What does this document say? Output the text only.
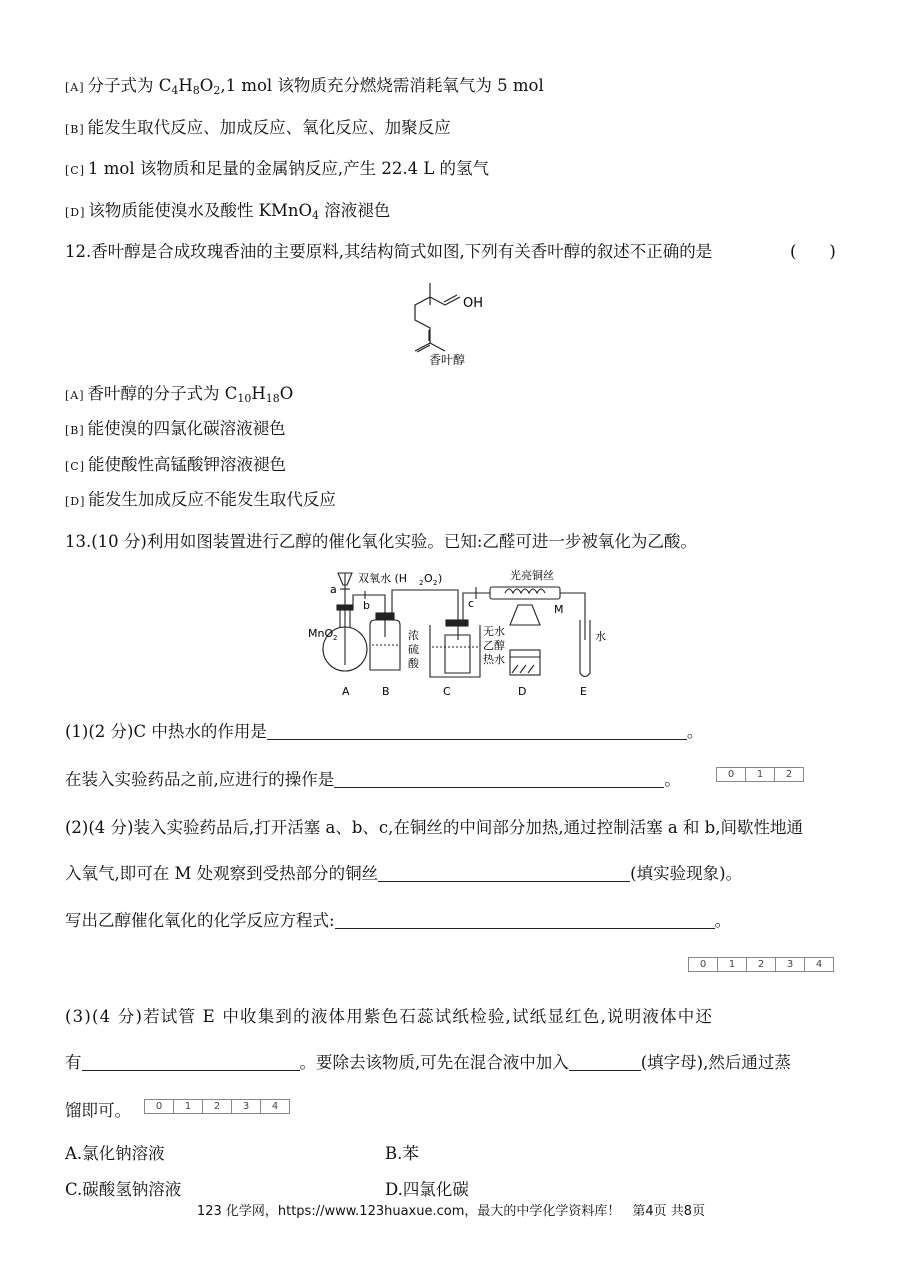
[A] 分子式为 $C_4H_8O_2,1$ mol 该物质充分燃烧需消耗氧气为 5 mol
[B] 能发生取代反应、加成反应、氧化反应、加聚反应
[C] 1 mol 该物质和足量的金属钠反应,产生 22.4 L 的氢气
[D] 该物质能使溴水及酸性 KMnO$_4$ 溶液褪色
12.香叶醇是合成玫瑰香油的主要原料,其结构简式如图,下列有关香叶醇的叙述不正确的是	(　　)
OH
香叶醇
[A] 香叶醇的分子式为 $C_{10}H_{18}O$
[B] 能使溴的四氯化碳溶液褪色
[C] 能使酸性高锰酸钾溶液褪色
[D] 能发生加成反应不能发生取代反应
13.(10 分)利用如图装置进行乙醇的催化氧化实验。已知:乙醛可进一步被氧化为乙酸。
双氧水 (H 2 O 2 )	光亮铜丝
MnO 2
a
b	c	M
浓
硫
酸
无水
乙醇
热水
水
A	B	C	D	E
(1)(2 分)C 中热水的作用是	。
在装入实验药品之前,应进行的操作是	。	0	1	2
(2)(4 分)装入实验药品后,打开活塞 a、b、c,在铜丝的中间部分加热,通过控制活塞 a 和 b,间歇性地通
入氧气,即可在 M 处观察到受热部分的铜丝	(填实验现象)。
写出乙醇催化氧化的化学反应方程式:	。
0	1	2	3	4
(3)(4 分)若试管 E 中收集到的液体用紫色石蕊试纸检验,试纸显红色,说明液体中还
有	。要除去该物质,可先在混合液中加入	(填字母),然后通过蒸
馏即可。	0	1	2	3	4
A.氯化钠溶液	B.苯
C.碳酸氢钠溶液	D.四氯化碳
123 化学网，https://www.123huaxue.com，最大的中学化学资料库！ 第4页 共8页
